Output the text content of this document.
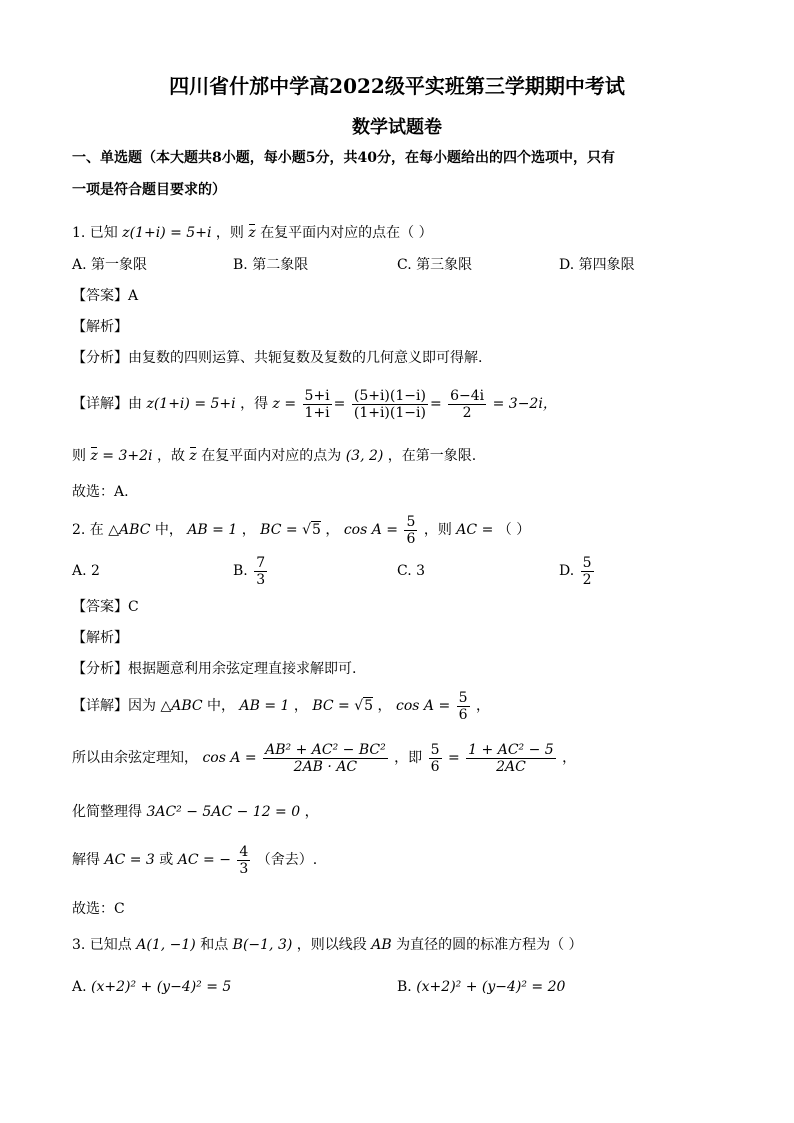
四川省什邡中学高2022级平实班第三学期期中考试
数学试题卷
一、单选题（本大题共8小题，每小题5分，共40分，在每小题给出的四个选项中，只有
一项是符合题目要求的）
1. 已知 z(1+i) = 5+i ，则 z 在复平面内对应的点在（ ）
A. 第一象限	B. 第二象限	C. 第三象限	D. 第四象限
【答案】A
【解析】
【分析】由复数的四则运算、共轭复数及复数的几何意义即可得解.
【详解】由 z(1+i) = 5+i ，得 $z = \frac{5+i}{1+i} = \frac{(5+i)(1-i)}{(1+i)(1-i)} = \frac{6-4i}{2} = 3-2i$，
则 z = 3+2i ，故 z 在复平面内对应的点为 (3, 2) ，在第一象限.
故选：A.
2. 在 △ABC 中， AB = 1 ， BC = √5 ， $\cos A = \frac{5}{6}$ ，则 AC = （ ）
A. 2	B. $\frac{7}{3}$	C. 3	D. $\frac{5}{2}$
【答案】C
【解析】
【分析】根据题意利用余弦定理直接求解即可.
【详解】因为 △ABC 中， AB = 1 ， BC = √5 ， $\cos A = \frac{5}{6}$ ，
所以由余弦定理知， $\cos A = \frac{\text{AB² + AC² − BC²}}{2AB \cdot AC}$ ，即 $\frac{5}{6} = \frac{\text{1 + AC² − 5}}{2AC}$ ，
化简整理得 3AC² − 5AC − 12 = 0 ，
解得 AC = 3 或 AC = − $\frac{4}{3}$ （舍去）.
故选：C
3. 已知点 A(1, −1) 和点 B(−1, 3) ，则以线段 AB 为直径的圆的标准方程为（ ）
A. (x+2)² + (y−4)² = 5	B. (x+2)² + (y−4)² = 20
